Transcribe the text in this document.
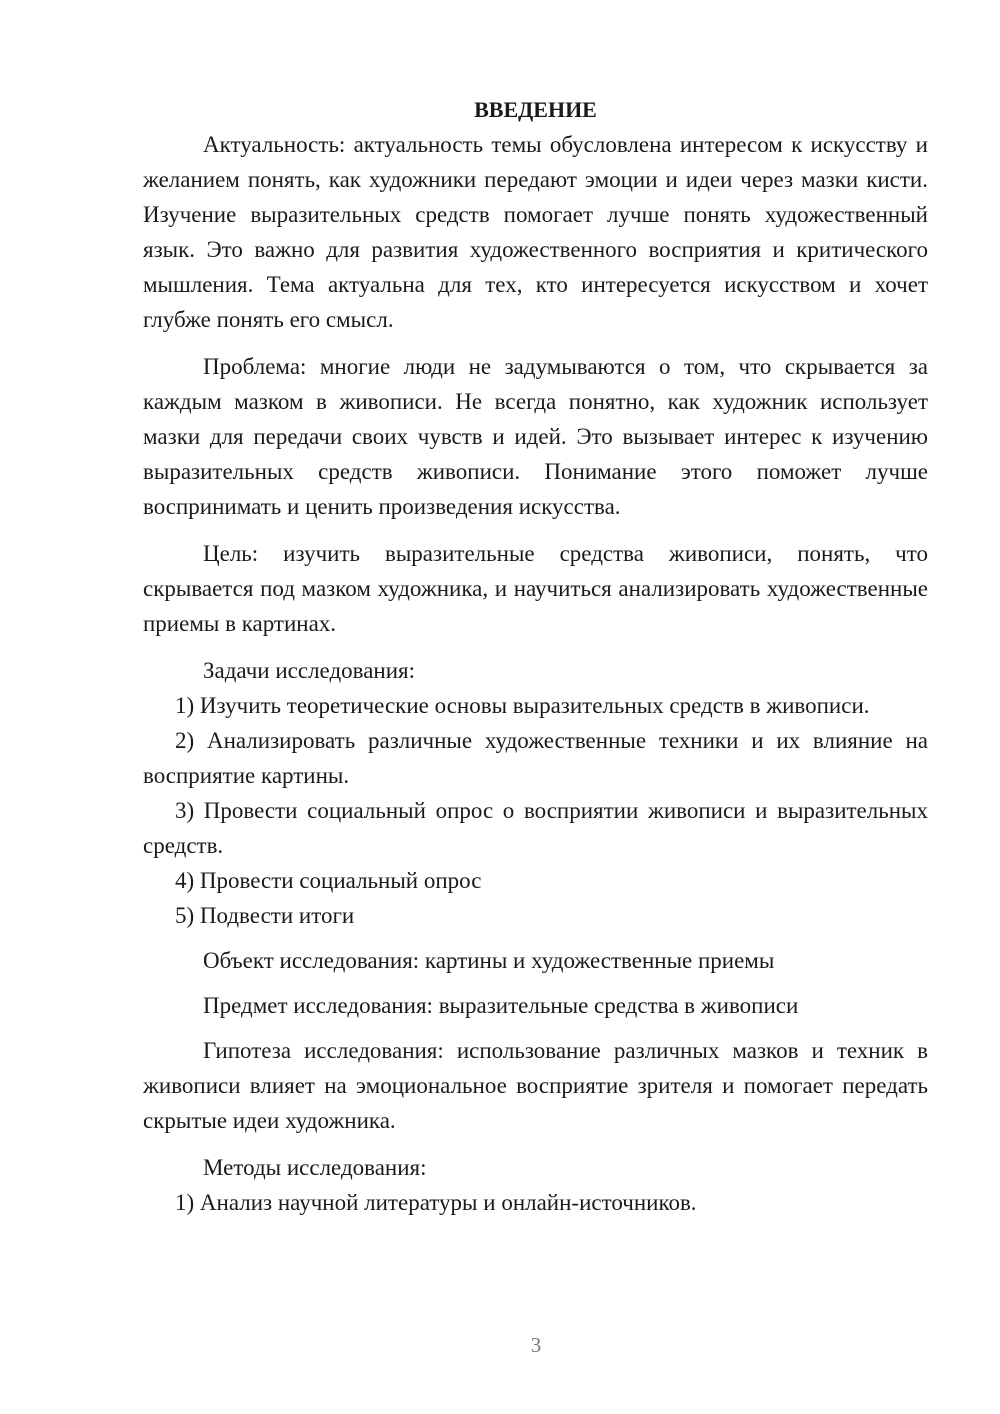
ВВЕДЕНИЕ

Актуальность: актуальность темы обусловлена интересом к искусству и желанием понять, как художники передают эмоции и идеи через мазки кисти. Изучение выразительных средств помогает лучше понять художественный язык. Это важно для развития художественного восприятия и критического мышления. Тема актуальна для тех, кто интересуется искусством и хочет глубже понять его смысл.

Проблема: многие люди не задумываются о том, что скрывается за каждым мазком в живописи. Не всегда понятно, как художник использует мазки для передачи своих чувств и идей. Это вызывает интерес к изучению выразительных средств живописи. Понимание этого поможет лучше воспринимать и ценить произведения искусства.

Цель: изучить выразительные средства живописи, понять, что скрывается под мазком художника, и научиться анализировать художественные приемы в картинах.

Задачи исследования:

1) Изучить теоретические основы выразительных средств в живописи.

2) Анализировать различные художественные техники и их влияние на восприятие картины.

3) Провести социальный опрос о восприятии живописи и выразительных средств.

4) Провести социальный опрос

5) Подвести итоги

Объект исследования: картины и художественные приемы

Предмет исследования: выразительные средства в живописи

Гипотеза исследования: использование различных мазков и техник в живописи влияет на эмоциональное восприятие зрителя и помогает передать скрытые идеи художника.

Методы исследования:

1) Анализ научной литературы и онлайн-источников.

3
